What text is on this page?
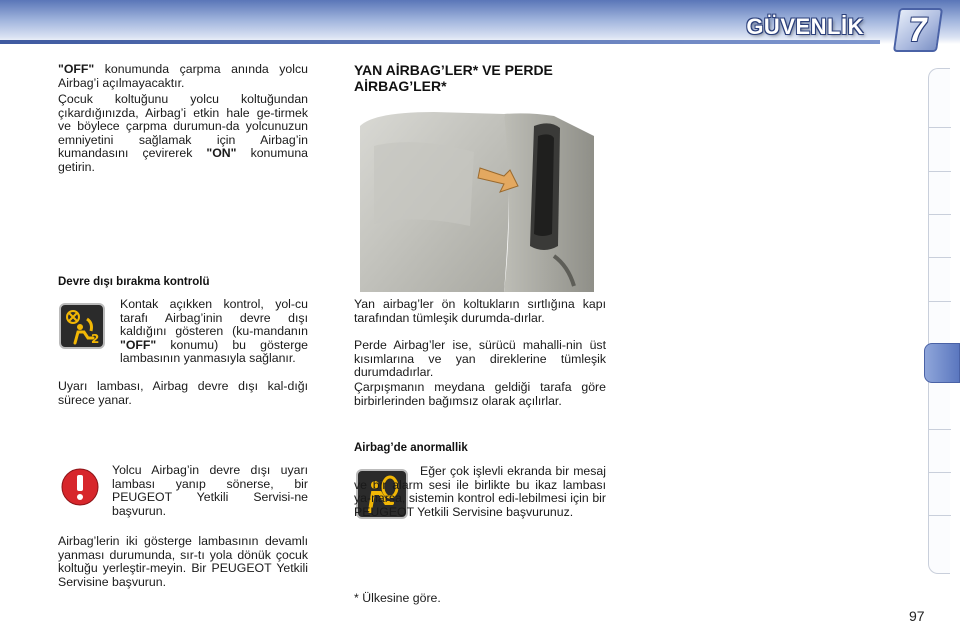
GÜVENLİK	7
"OFF" konumunda çarpma anında yolcu Airbag’i açılmayacaktır.
Çocuk koltuğunu yolcu koltuğundan çıkardığınızda, Airbag’i etkin hale ge-tirmek ve böylece çarpma durumun-da yolcunuzun emniyetini sağlamak için Airbag’in kumandasını çevirerek "ON" konumuna getirin.
Devre dışı bırakma kontrolü
2
Kontak açıkken kontrol, yol-cu tarafı Airbag’inin devre dışı kaldığını gösteren (ku-mandanın "OFF" konumu) bu gösterge lambasının yanmasıyla sağlanır.
Uyarı lambası, Airbag devre dışı kal-dığı sürece yanar.
Yolcu Airbag’in devre dışı uyarı lambası yanıp sönerse, bir PEUGEOT Yetkili Servisi-ne başvurun.
Airbag’lerin iki gösterge lambasının devamlı yanması durumunda, sır-tı yola dönük çocuk koltuğu yerleştir-meyin. Bir PEUGEOT Yetkili Servisine başvurun.
YAN AİRBAG’LER* VE PERDE AİRBAG’LER*
Yan airbag’ler ön koltukların sırtlığına kapı tarafından tümleşik durumda-dırlar.
Perde Airbag’ler ise, sürücü mahalli-nin üst kısımlarına ve yan direklerine tümleşik durumdadırlar.
Çarpışmanın meydana geldiği tarafa göre birbirlerinden bağımsız olarak açılırlar.
Airbag’de anormallik
Eğer çok işlevli ekranda bir mesaj ve bir alarm sesi ile birlikte bu ikaz lambası ya-narsa, sistemin kontrol edi-lebilmesi için bir PEUGEOT Yetkili Servisine başvurunuz.
* Ülkesine göre.
97
